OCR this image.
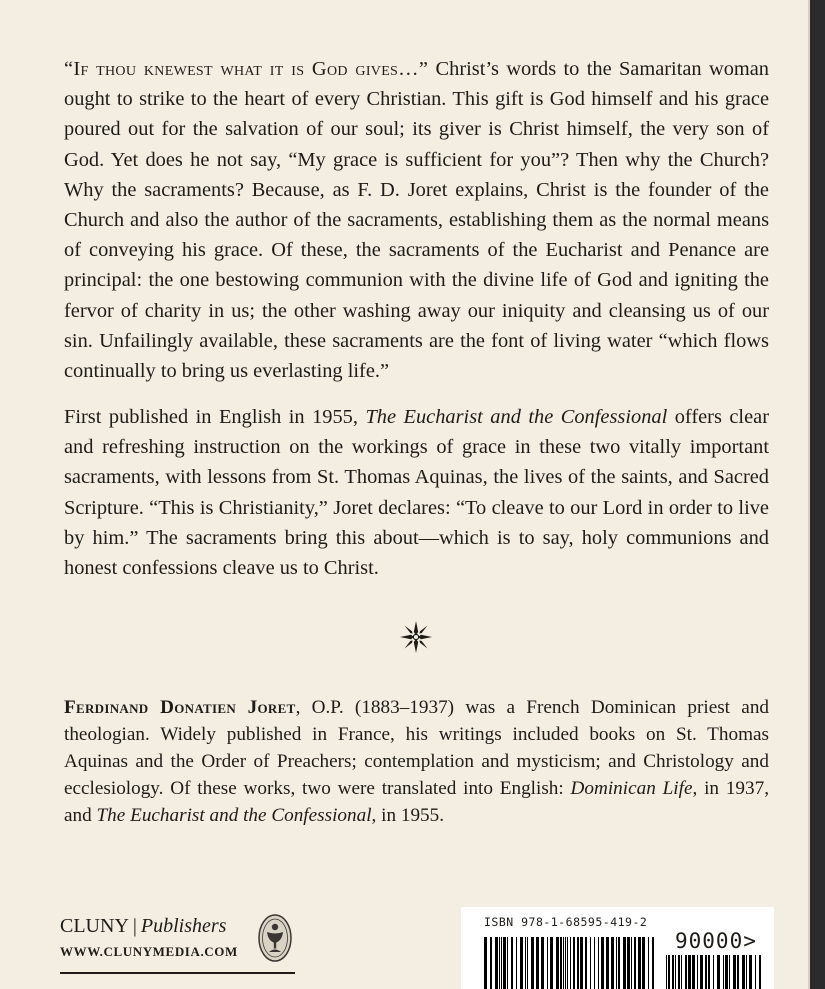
“If thou knewest what it is God gives…” Christ’s words to the Samaritan woman ought to strike to the heart of every Christian. This gift is God himself and his grace poured out for the salvation of our soul; its giver is Christ himself, the very son of God. Yet does he not say, “My grace is sufficient for you”? Then why the Church? Why the sacraments? Because, as F. D. Joret explains, Christ is the founder of the Church and also the author of the sacraments, establishing them as the normal means of conveying his grace. Of these, the sacraments of the Eucharist and Penance are principal: the one bestowing communion with the divine life of God and igniting the fervor of charity in us; the other washing away our iniquity and cleansing us of our sin. Unfailingly available, these sacraments are the font of living water “which flows continually to bring us everlasting life.”

First published in English in 1955, The Eucharist and the Confessional offers clear and refreshing instruction on the workings of grace in these two vitally important sacraments, with lessons from St. Thomas Aquinas, the lives of the saints, and Sacred Scripture. “This is Christianity,” Joret declares: “To cleave to our Lord in order to live by him.” The sacraments bring this about—which is to say, holy communions and honest confessions cleave us to Christ.

Ferdinand Donatien Joret, O.P. (1883–1937) was a French Dominican priest and theologian. Widely published in France, his writings included books on St. Thomas Aquinas and the Order of Preachers; contemplation and mysticism; and Christology and ecclesiology. Of these works, two were translated into English: Dominican Life, in 1937, and The Eucharist and the Confessional, in 1955.

CLUNY | Publishers
WWW.CLUNYMEDIA.COM
ISBN 978-1-68595-419-2
90000>
